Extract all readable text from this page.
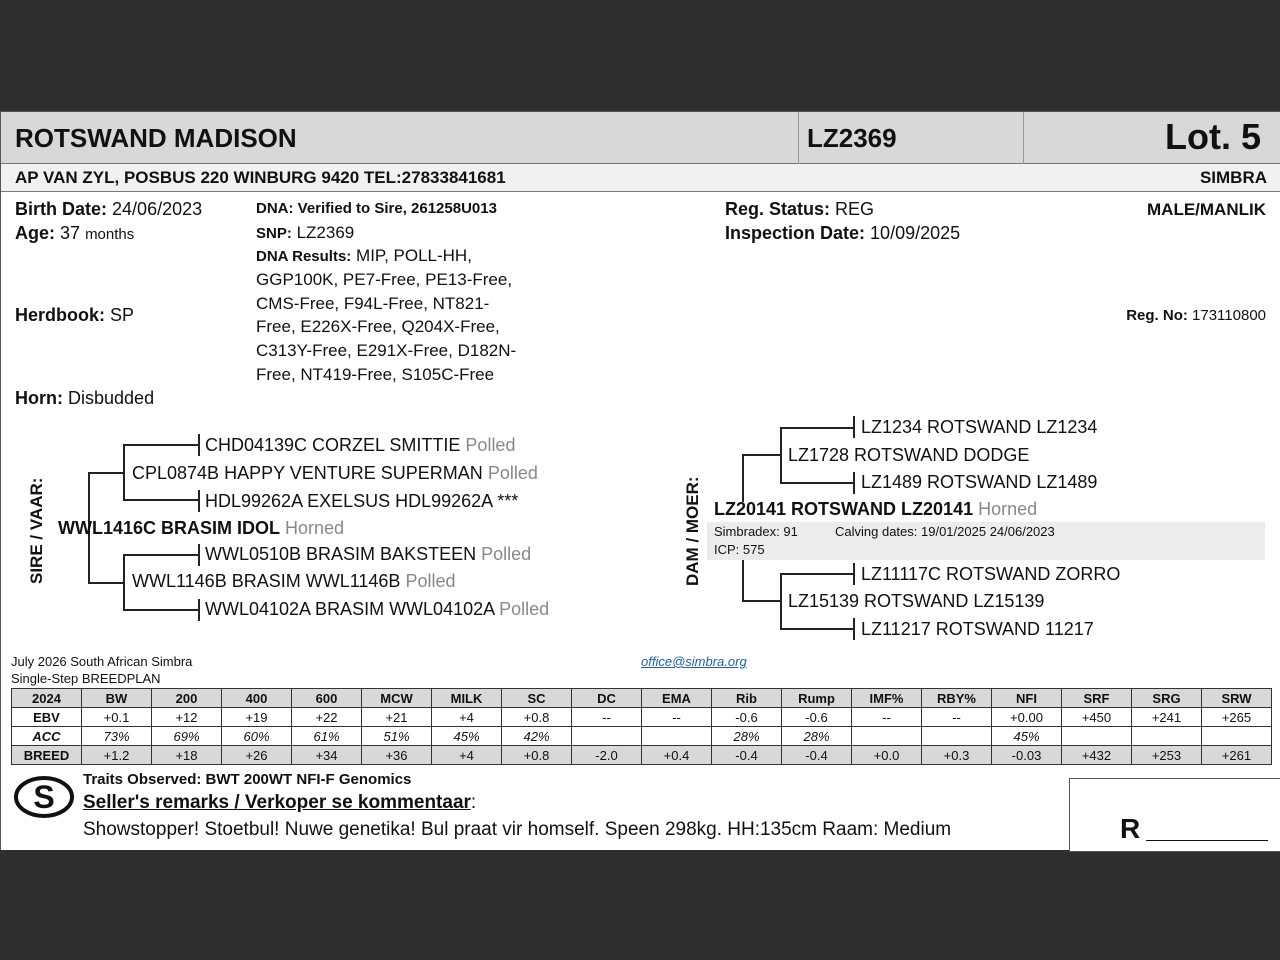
ROTSWAND MADISON	LZ2369	Lot. 5
AP VAN ZYL, POSBUS 220 WINBURG 9420 TEL:27833841681	SIMBRA
Birth Date: 24/06/2023
Age: 37 months
Herdbook: SP
Horn: Disbudded
DNA: Verified to Sire, 261258U013
SNP: LZ2369
DNA Results: MIP, POLL-HH,
GGP100K, PE7-Free, PE13-Free,
CMS-Free, F94L-Free, NT821-
Free, E226X-Free, Q204X-Free,
C313Y-Free, E291X-Free, D182N-
Free, NT419-Free, S105C-Free
Reg. Status: REG
Inspection Date: 10/09/2025
MALE/MANLIK
Reg. No: 173110800
SIRE / VAAR:
CHD04139C CORZEL SMITTIE Polled
CPL0874B HAPPY VENTURE SUPERMAN Polled
HDL99262A EXELSUS HDL99262A ***
WWL1416C BRASIM IDOL Horned
WWL0510B BRASIM BAKSTEEN Polled
WWL1146B BRASIM WWL1146B Polled
WWL04102A BRASIM WWL04102A Polled
DAM / MOER:
LZ1234 ROTSWAND LZ1234
LZ1728 ROTSWAND DODGE
LZ1489 ROTSWAND LZ1489
LZ20141 ROTSWAND LZ20141 Horned
Simbradex: 91
ICP: 575
Calving dates: 19/01/2025 24/06/2023
LZ11117C ROTSWAND ZORRO
LZ15139 ROTSWAND LZ15139
LZ11217 ROTSWAND 11217
July 2026 South African Simbra
Single-Step BREEDPLAN
office@simbra.org
2024	BW	200	400	600	MCW	MILK	SC	DC	EMA	Rib	Rump	IMF%	RBY%	NFI	SRF	SRG	SRW
EBV	+0.1	+12	+19	+22	+21	+4	+0.8	--	--	-0.6	-0.6	--	--	+0.00	+450	+241	+265
ACC	73%	69%	60%	61%	51%	45%	42%			28%	28%			45%			
BREED	+1.2	+18	+26	+34	+36	+4	+0.8	-2.0	+0.4	-0.4	-0.4	+0.0	+0.3	-0.03	+432	+253	+261
S Traits Observed: BWT 200WT NFI-F Genomics
Seller's remarks / Verkoper se kommentaar:
Showstopper! Stoetbul! Nuwe genetika! Bul praat vir homself. Speen 298kg. HH:135cm Raam: Medium	R
